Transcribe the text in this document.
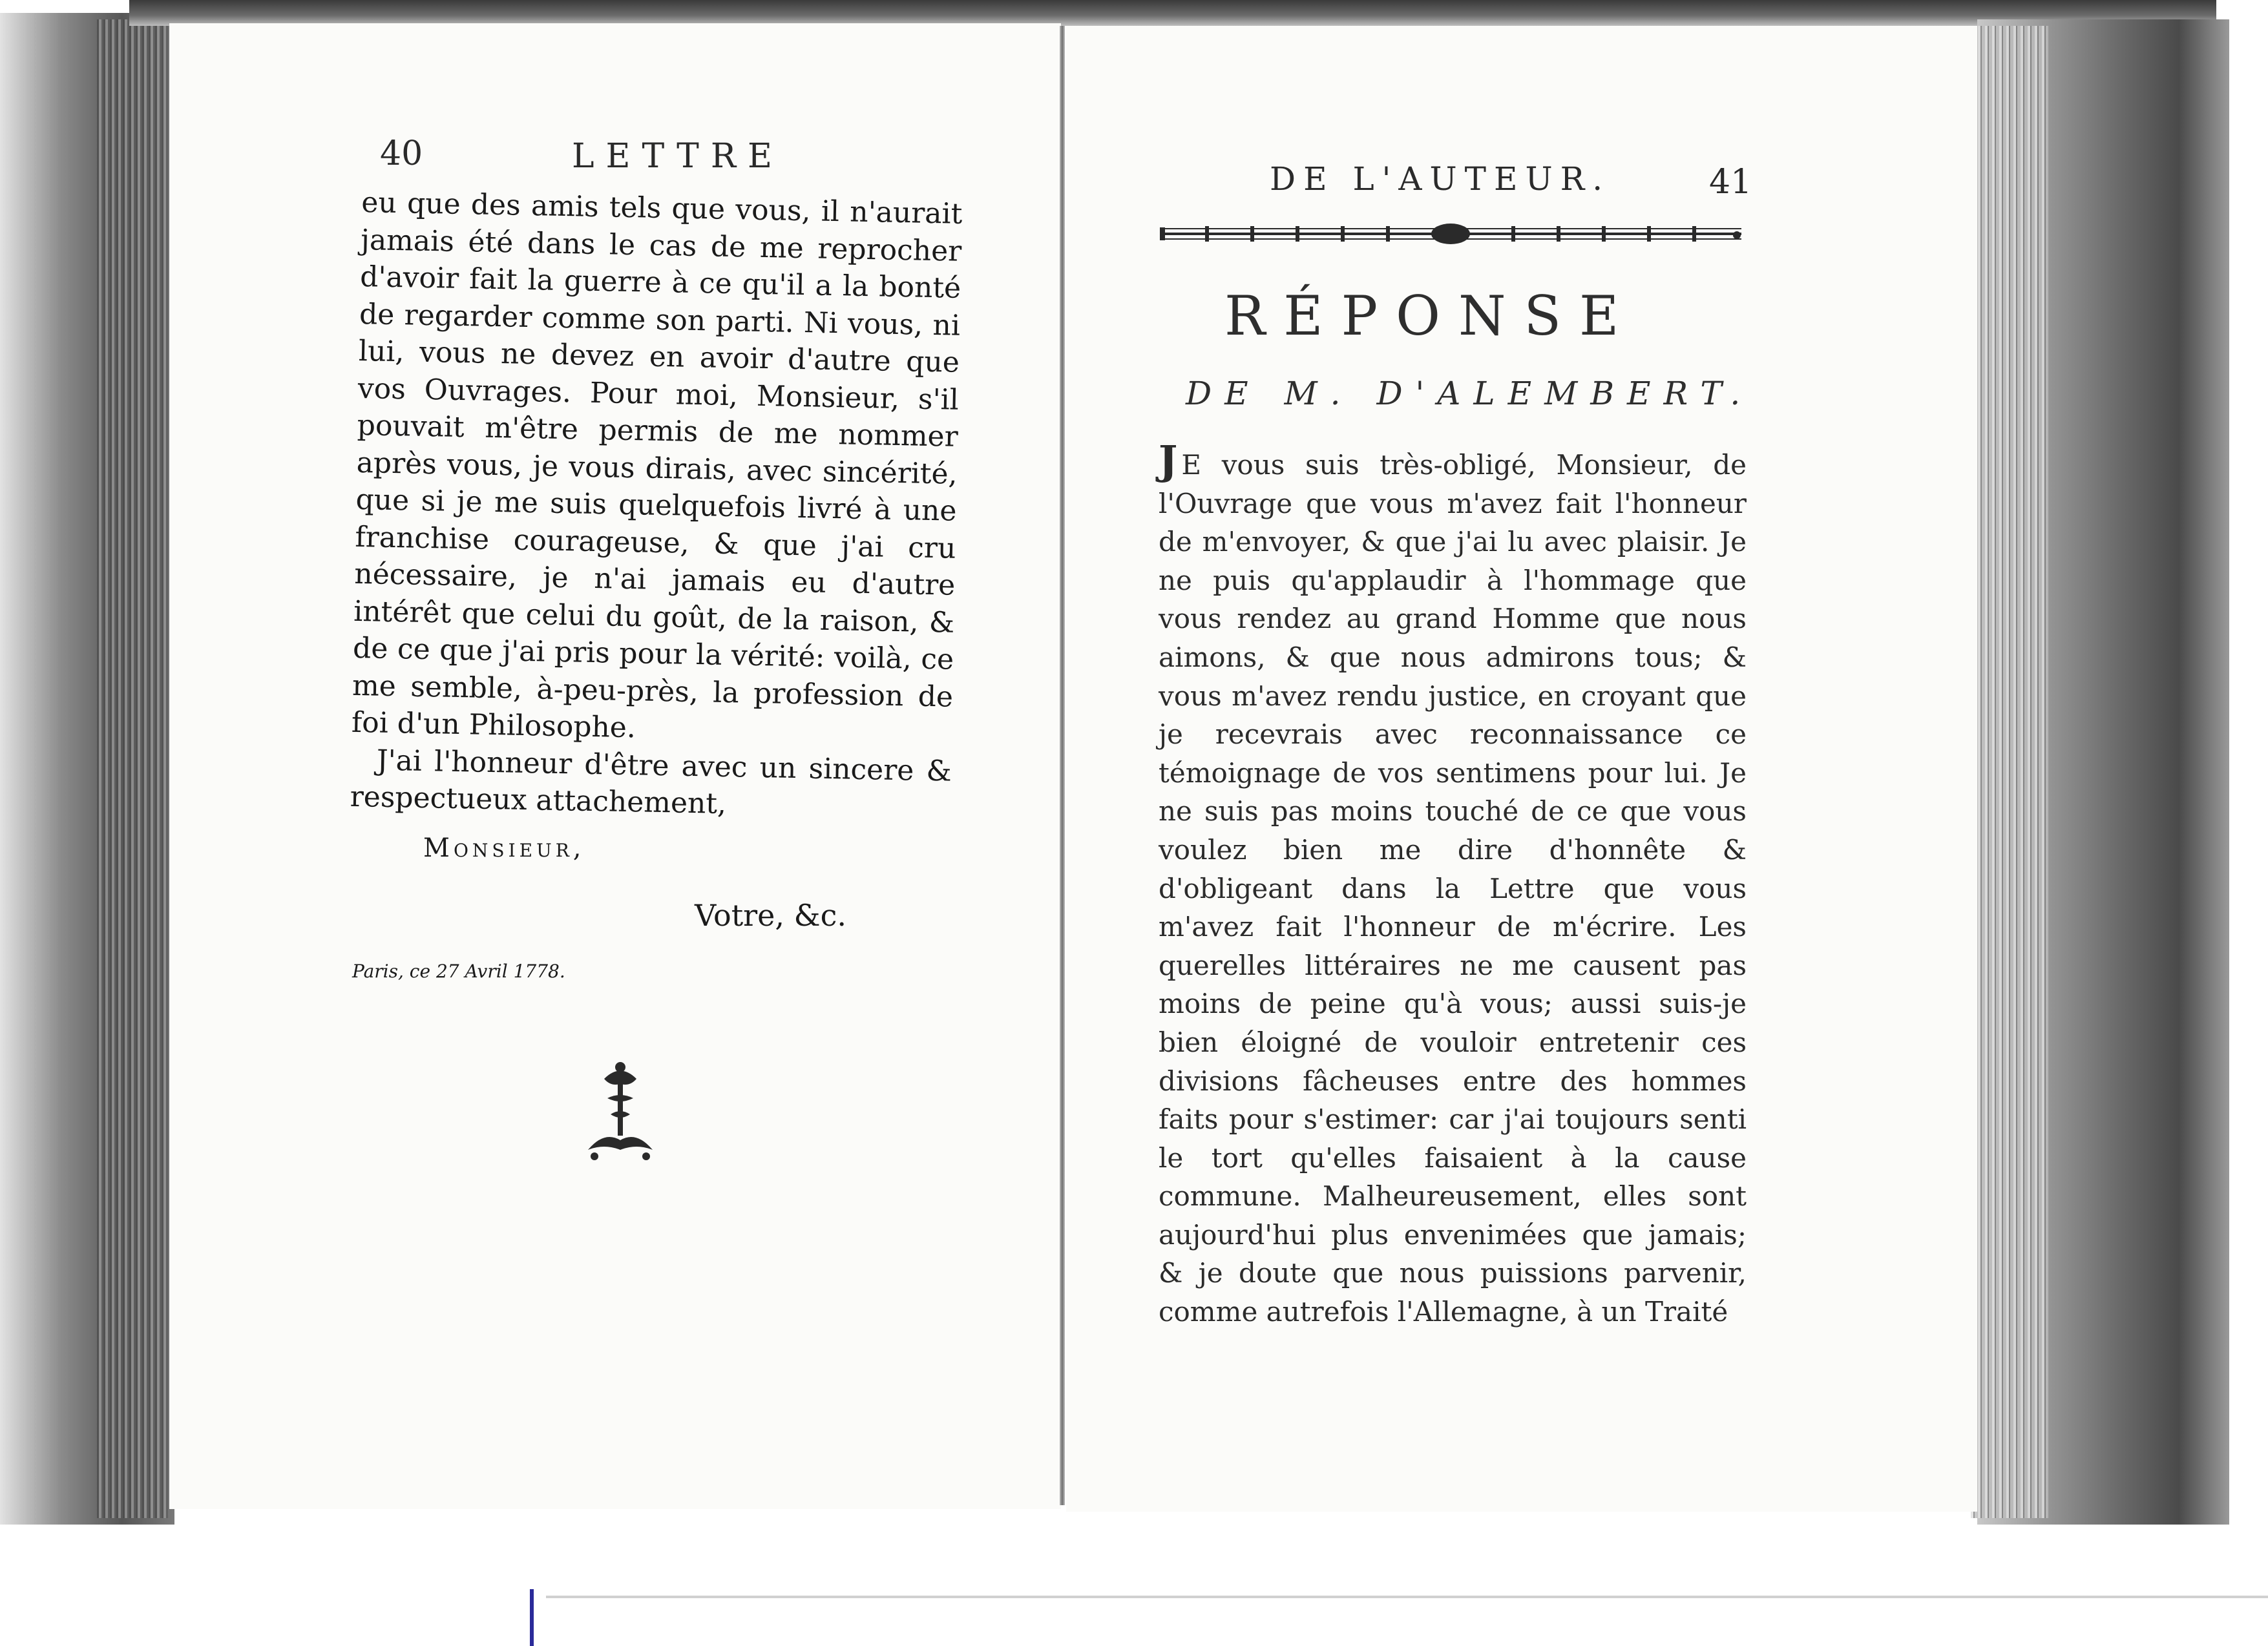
40	LETTRE

eu que des amis tels que vous, il n'aurait jamais été dans le cas de me reprocher d'avoir fait la guerre à ce qu'il a la bonté de regarder comme son parti. Ni vous, ni lui, vous ne devez en avoir d'autre que vos Ouvrages. Pour moi, Monsieur, s'il pouvait m'être permis de me nommer après vous, je vous dirais, avec sincérité, que si je me suis quelquefois livré à une franchise courageuse, & que j'ai cru nécessaire, je n'ai jamais eu d'autre intérêt que celui du goût, de la raison, & de ce que j'ai pris pour la vérité: voilà, ce me semble, à-peu-près, la profession de foi d'un Philosophe.

J'ai l'honneur d'être avec un sincere & respectueux attachement,

Monsieur,
Votre, &c.
Paris, ce 27 Avril 1778.
DE L'AUTEUR.	41
RÉPONSE
DE M. D'ALEMBERT.

J E vous suis très-obligé, Monsieur, de l'Ouvrage que vous m'avez fait l'honneur de m'envoyer, & que j'ai lu avec plaisir. Je ne puis qu'applaudir à l'hommage que vous rendez au grand Homme que nous aimons, & que nous admirons tous; & vous m'avez rendu justice, en croyant que je recevrais avec reconnaissance ce témoignage de vos sentimens pour lui. Je ne suis pas moins touché de ce que vous voulez bien me dire d'honnête & d'obligeant dans la Lettre que vous m'avez fait l'honneur de m'écrire. Les querelles littéraires ne me causent pas moins de peine qu'à vous; aussi suis-je bien éloigné de vouloir entretenir ces divisions fâcheuses entre des hommes faits pour s'estimer: car j'ai toujours senti le tort qu'elles faisaient à la cause commune. Malheureusement, elles sont aujourd'hui plus envenimées que jamais; & je doute que nous puissions parvenir, comme autrefois l'Allemagne, à un Traité
